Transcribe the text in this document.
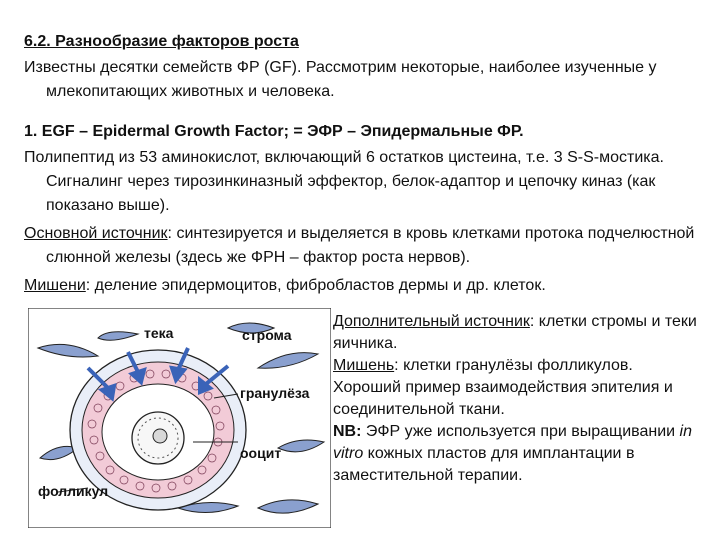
6.2. Разнообразие факторов роста
Известны десятки семейств ФР (GF). Рассмотрим некоторые, наиболее изученные у млекопитающих животных и человека.
1. EGF – Epidermal Growth Factor; = ЭФР – Эпидермальные ФР.
Полипептид из 53 аминокислот, включающий 6 остатков цистеина, т.е. 3 S-S-мостика. Сигналинг через тирозинкиназный эффектор, белок-адаптор и цепочку киназ (как показано выше).
Основной источник: синтезируется и выделяется в кровь клетками протока подчелюстной слюнной железы (здесь же ФРН – фактор роста нервов).
Мишени: деление эпидермоцитов, фибробластов дермы и др. клеток.
тека	строма
гранулёза
ооцит
фолликул
Дополнительный источник: клетки стромы и теки яичника.
Мишень: клетки гранулёзы фолликулов.
Хороший пример взаимодействия эпителия и соединительной ткани.
NB: ЭФР уже используется при выращивании in vitro кожных пластов для имплантации в заместительной терапии.
